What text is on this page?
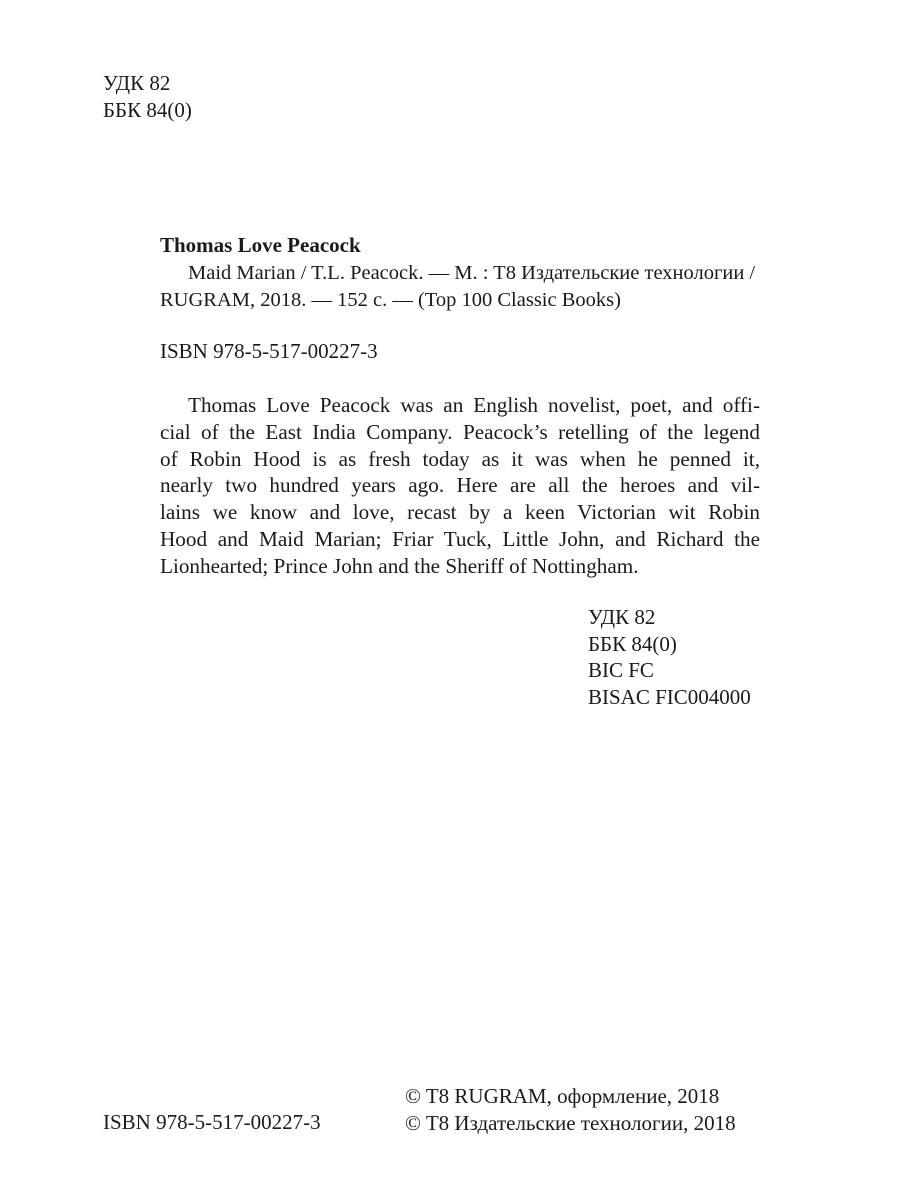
УДК 82
ББК 84(0)
Thomas Love Peacock
Maid Marian / T.L. Peacock. — M. : T8 Издательские технологии /
RUGRAM, 2018. — 152 с. — (Top 100 Classic Books)
ISBN 978-5-517-00227-3
Thomas Love Peacock was an English novelist, poet, and offi-
cial of the East India Company. Peacock’s retelling of the legend
of Robin Hood is as fresh today as it was when he penned it,
nearly two hundred years ago. Here are all the heroes and vil-
lains we know and love, recast by a keen Victorian wit Robin
Hood and Maid Marian; Friar Tuck, Little John, and Richard the
Lionhearted; Prince John and the Sheriff of Nottingham.
УДК 82
ББК 84(0)
BIC FC
BISAC FIC004000
ISBN 978-5-517-00227-3
© T8 RUGRAM, оформление, 2018
© T8 Издательские технологии, 2018
